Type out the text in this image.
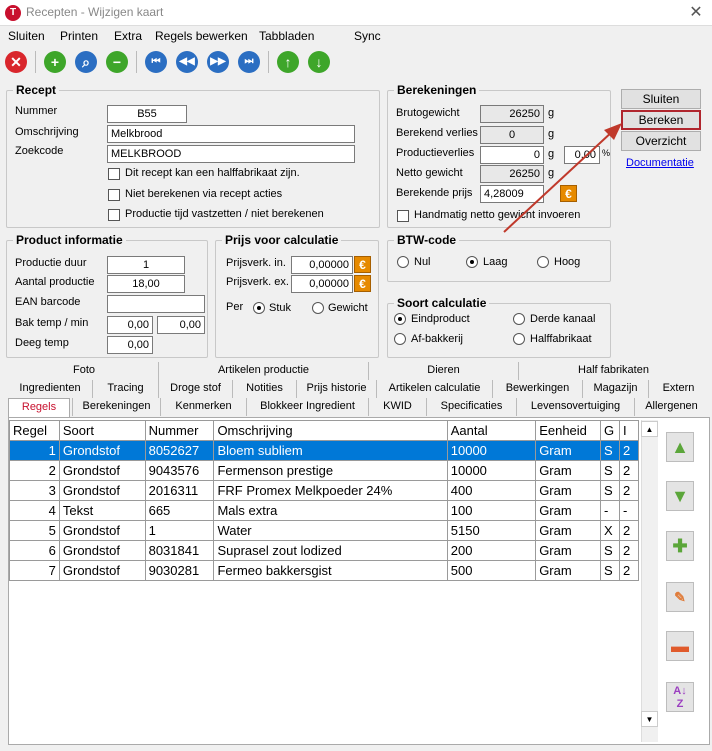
T Recepten - Wijzigen kaart	✕
Sluiten Printen Extra Regels bewerken Tabbladen	Sync
✕	+	⌕	−	⏮	◀◀	▶▶	⏭	↑	↓
Recept
Nummer	B55
Omschrijving	Melkbrood
Zoekcode	MELKBROOD
Dit recept kan een halffabrikaat zijn.
Niet berekenen via recept acties
Productie tijd vastzetten / niet berekenen
Berekeningen
Brutogewicht	26250 g
Berekend verlies	0	g
Productieverlies	0 g	0,00 %
Netto gewicht	26250 g
Berekende prijs	4,28009	€
Handmatig netto gewicht invoeren
Sluiten
Bereken
Overzicht
Documentatie
Product informatie
Productie duur	1
Aantal productie	18,00
EAN barcode
Bak temp / min	0,00	0,00
Deeg temp	0,00
Prijs voor calculatie
Prijsverk. in.	0,00000 €
Prijsverk. ex.	0,00000 €
Per Stuk	Gewicht
BTW-code
Nul	Laag	Hoog
Soort calculatie
Eindproduct	Derde kanaal
Af-bakkerij	Halffabrikaat
Foto	Artikelen productie	Dieren	Half fabrikaten
Ingredienten	Tracing	Droge stof	Notities	Prijs historie	Artikelen calculatie	Bewerkingen	Magazijn	Extern
Regels	Berekeningen	Kenmerken	Blokkeer Ingredient	KWID	Specificaties	Levensovertuiging	Allergenen
Regel	Soort	Nummer	Omschrijving	Aantal	Eenheid	G	I
1	Grondstof	8052627	Bloem subliem	10000	Gram	S	2
2	Grondstof	9043576	Fermenson prestige	10000	Gram	S	2
3	Grondstof	2016311	FRF Promex Melkpoeder 24%	400	Gram	S	2
4	Tekst	665	Mals extra	100	Gram	-	-
5	Grondstof	1	Water	5150	Gram	X	2
6	Grondstof	8031841	Suprasel zout lodized	200	Gram	S	2
7	Grondstof	9030281	Fermeo bakkersgist	500	Gram	S	2
▲
▼
▲
▼
✚
✎
▬
A↓
Z
